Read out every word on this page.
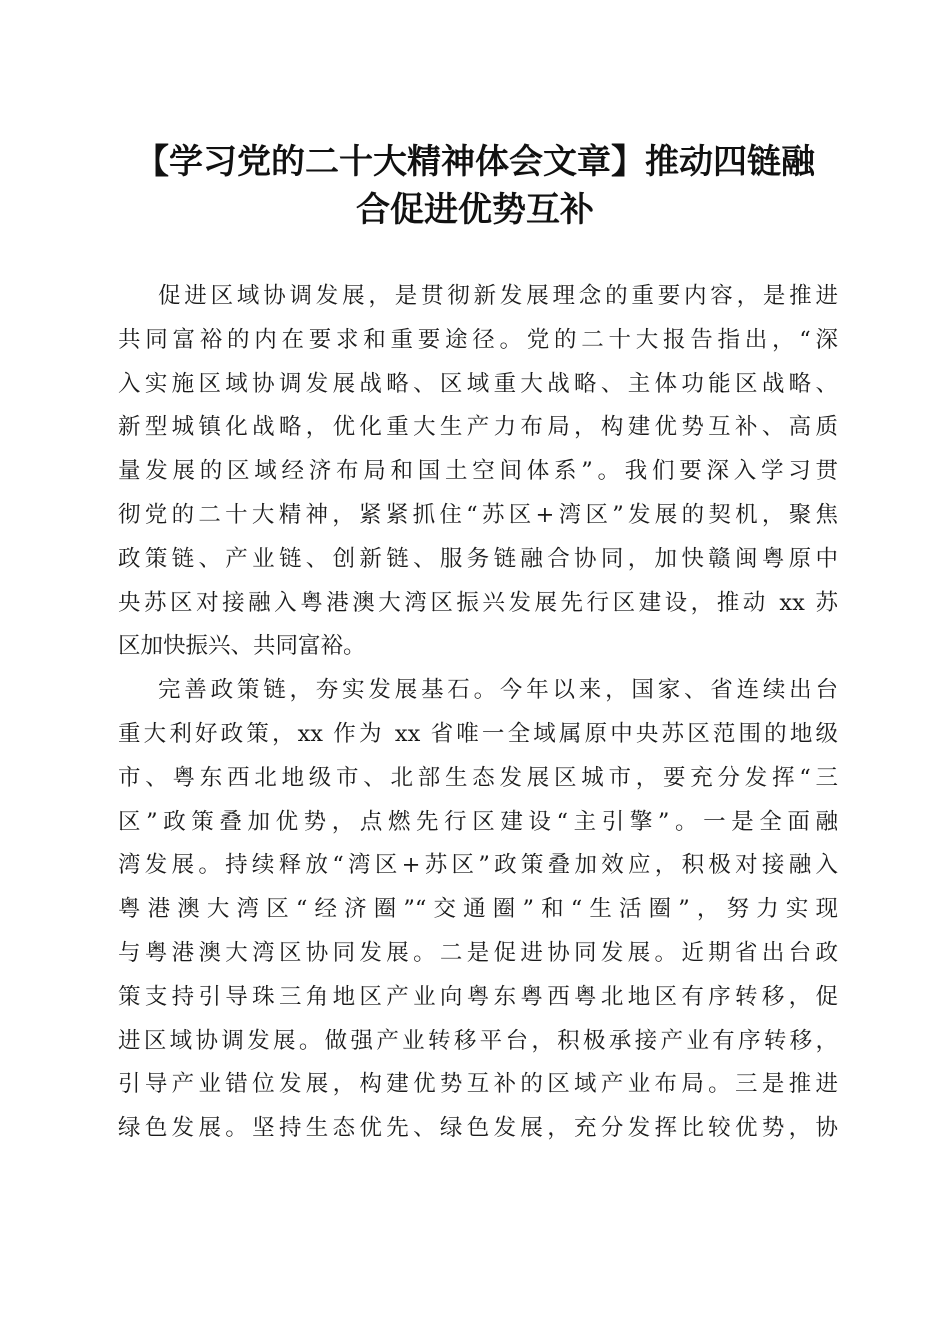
【学习党的二十大精神体会文章】推动四链融
合促进优势互补

促进区域协调发展，是贯彻新发展理念的重要内容，是推进
共同富裕的内在要求和重要途径。党的二十大报告指出，“深
入实施区域协调发展战略、区域重大战略、主体功能区战略、
新型城镇化战略，优化重大生产力布局，构建优势互补、高质
量发展的区域经济布局和国土空间体系”。我们要深入学习贯
彻党的二十大精神，紧紧抓住“苏区+湾区”发展的契机，聚焦
政策链、产业链、创新链、服务链融合协同，加快赣闽粤原中
央苏区对接融入粤港澳大湾区振兴发展先行区建设，推动 xx 苏
区加快振兴、共同富裕。

完善政策链，夯实发展基石。今年以来，国家、省连续出台
重大利好政策，xx 作为 xx 省唯一全域属原中央苏区范围的地级
市、粤东西北地级市、北部生态发展区城市，要充分发挥“三
区”政策叠加优势，点燃先行区建设“主引擎”。一是全面融
湾发展。持续释放“湾区+苏区”政策叠加效应，积极对接融入
粤港澳大湾区“经济圈”“交通圈”和“生活圈”，努力实现
与粤港澳大湾区协同发展。二是促进协同发展。近期省出台政
策支持引导珠三角地区产业向粤东粤西粤北地区有序转移，促
进区域协调发展。做强产业转移平台，积极承接产业有序转移，
引导产业错位发展，构建优势互补的区域产业布局。三是推进
绿色发展。坚持生态优先、绿色发展，充分发挥比较优势，协
